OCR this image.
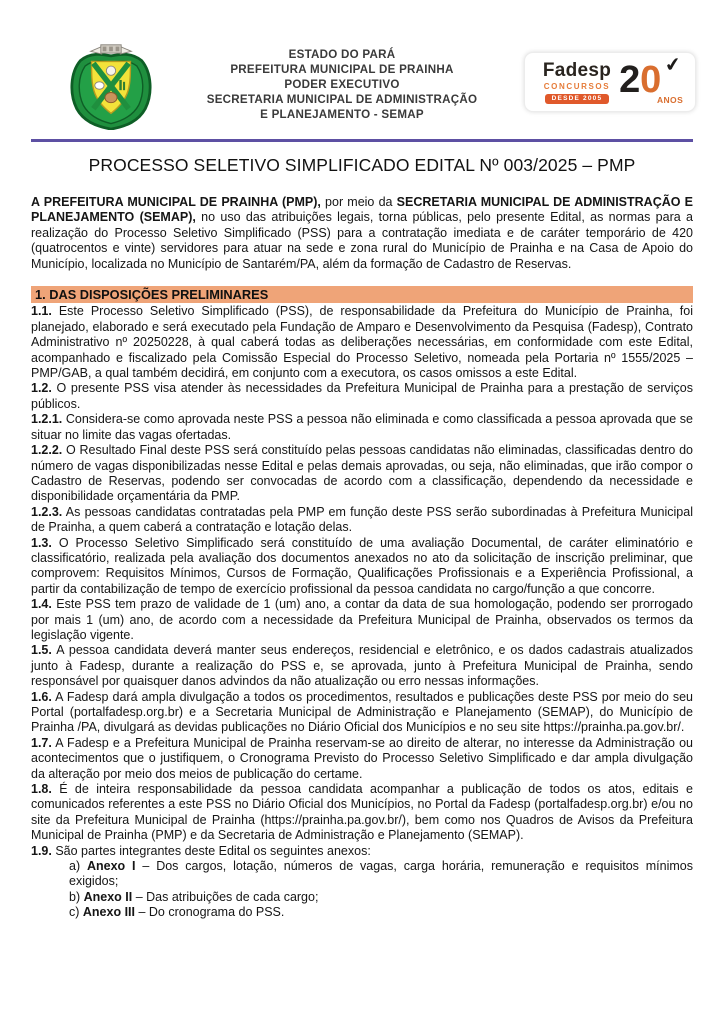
ESTADO DO PARÁ
PREFEITURA MUNICIPAL DE PRAINHA
PODER EXECUTIVO
SECRETARIA MUNICIPAL DE ADMINISTRAÇÃO
E PLANEJAMENTO - SEMAP
Fadesp
CONCURSOS
DESDE 2005 2 0 ✔
ANOS
PROCESSO SELETIVO SIMPLIFICADO EDITAL Nº 003/2025 – PMP

A PREFEITURA MUNICIPAL DE PRAINHA (PMP), por meio da SECRETARIA MUNICIPAL DE ADMINISTRAÇÃO E PLANEJAMENTO (SEMAP), no uso das atribuições legais, torna públicas, pelo presente Edital, as normas para a realização do Processo Seletivo Simplificado (PSS) para a contratação imediata e de caráter temporário de 420 (quatrocentos e vinte) servidores para atuar na sede e zona rural do Município de Prainha e na Casa de Apoio do Município, localizada no Município de Santarém/PA, além da formação de Cadastro de Reservas.

1. DAS DISPOSIÇÕES PRELIMINARES

1.1. Este Processo Seletivo Simplificado (PSS), de responsabilidade da Prefeitura do Município de Prainha, foi planejado, elaborado e será executado pela Fundação de Amparo e Desenvolvimento da Pesquisa (Fadesp), Contrato Administrativo nº 20250228, à qual caberá todas as deliberações necessárias, em conformidade com este Edital, acompanhado e fiscalizado pela Comissão Especial do Processo Seletivo, nomeada pela Portaria nº 1555/2025 – PMP/GAB, a qual também decidirá, em conjunto com a executora, os casos omissos a este Edital.

1.2. O presente PSS visa atender às necessidades da Prefeitura Municipal de Prainha para a prestação de serviços públicos.

1.2.1. Considera-se como aprovada neste PSS a pessoa não eliminada e como classificada a pessoa aprovada que se situar no limite das vagas ofertadas.

1.2.2. O Resultado Final deste PSS será constituído pelas pessoas candidatas não eliminadas, classificadas dentro do número de vagas disponibilizadas nesse Edital e pelas demais aprovadas, ou seja, não eliminadas, que irão compor o Cadastro de Reservas, podendo ser convocadas de acordo com a classificação, dependendo da necessidade e disponibilidade orçamentária da PMP.

1.2.3. As pessoas candidatas contratadas pela PMP em função deste PSS serão subordinadas à Prefeitura Municipal de Prainha, a quem caberá a contratação e lotação delas.

1.3. O Processo Seletivo Simplificado será constituído de uma avaliação Documental, de caráter eliminatório e classificatório, realizada pela avaliação dos documentos anexados no ato da solicitação de inscrição preliminar, que comprovem: Requisitos Mínimos, Cursos de Formação, Qualificações Profissionais e a Experiência Profissional, a partir da contabilização de tempo de exercício profissional da pessoa candidata no cargo/função a que concorre.

1.4. Este PSS tem prazo de validade de 1 (um) ano, a contar da data de sua homologação, podendo ser prorrogado por mais 1 (um) ano, de acordo com a necessidade da Prefeitura Municipal de Prainha, observados os termos da legislação vigente.

1.5. A pessoa candidata deverá manter seus endereços, residencial e eletrônico, e os dados cadastrais atualizados junto à Fadesp, durante a realização do PSS e, se aprovada, junto à Prefeitura Municipal de Prainha, sendo responsável por quaisquer danos advindos da não atualização ou erro nessas informações.

1.6. A Fadesp dará ampla divulgação a todos os procedimentos, resultados e publicações deste PSS por meio do seu Portal (portalfadesp.org.br) e a Secretaria Municipal de Administração e Planejamento (SEMAP), do Município de Prainha /PA, divulgará as devidas publicações no Diário Oficial dos Municípios e no seu site https://prainha.pa.gov.br/.

1.7. A Fadesp e a Prefeitura Municipal de Prainha reservam-se ao direito de alterar, no interesse da Administração ou acontecimentos que o justifiquem, o Cronograma Previsto do Processo Seletivo Simplificado e dar ampla divulgação da alteração por meio dos meios de publicação do certame.

1.8. É de inteira responsabilidade da pessoa candidata acompanhar a publicação de todos os atos, editais e comunicados referentes a este PSS no Diário Oficial dos Municípios, no Portal da Fadesp (portalfadesp.org.br) e/ou no site da Prefeitura Municipal de Prainha (https://prainha.pa.gov.br/), bem como nos Quadros de Avisos da Prefeitura Municipal de Prainha (PMP) e da Secretaria de Administração e Planejamento (SEMAP).

1.9. São partes integrantes deste Edital os seguintes anexos:

a) Anexo I – Dos cargos, lotação, números de vagas, carga horária, remuneração e requisitos mínimos exigidos;

b) Anexo II – Das atribuições de cada cargo;

c) Anexo III – Do cronograma do PSS.
